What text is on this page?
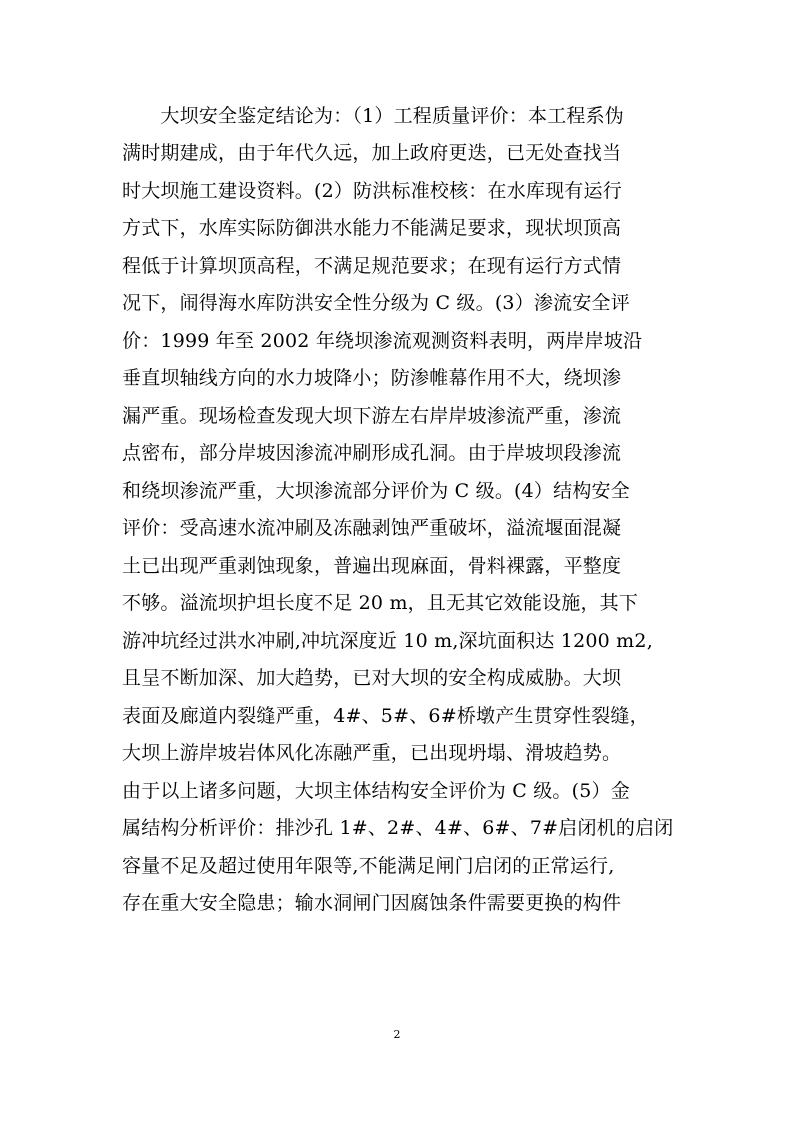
　　大坝安全鉴定结论为：（1）工程质量评价：本工程系伪
满时期建成，由于年代久远，加上政府更迭，已无处查找当
时大坝施工建设资料。(2）防洪标准校核：在水库现有运行
方式下，水库实际防御洪水能力不能满足要求，现状坝顶高
程低于计算坝顶高程，不满足规范要求；在现有运行方式情
况下，闹得海水库防洪安全性分级为 C 级。(3）渗流安全评
价：1999 年至 2002 年绕坝渗流观测资料表明，两岸岸坡沿
垂直坝轴线方向的水力坡降小；防渗帷幕作用不大，绕坝渗
漏严重。现场检查发现大坝下游左右岸岸坡渗流严重，渗流
点密布，部分岸坡因渗流冲刷形成孔洞。由于岸坡坝段渗流
和绕坝渗流严重，大坝渗流部分评价为 C 级。(4）结构安全
评价：受高速水流冲刷及冻融剥蚀严重破坏，溢流堰面混凝
土已出现严重剥蚀现象，普遍出现麻面，骨料裸露，平整度
不够。溢流坝护坦长度不足 20 m，且无其它效能设施，其下
游冲坑经过洪水冲刷,冲坑深度近 10 m,深坑面积达 1200 m2,
且呈不断加深、加大趋势，已对大坝的安全构成威胁。大坝
表面及廊道内裂缝严重，4#、5#、6#桥墩产生贯穿性裂缝，
大坝上游岸坡岩体风化冻融严重，已出现坍塌、滑坡趋势。
由于以上诸多问题，大坝主体结构安全评价为 C 级。(5）金
属结构分析评价：排沙孔 1#、2#、4#、6#、7#启闭机的启闭
容量不足及超过使用年限等,不能满足闸门启闭的正常运行,
存在重大安全隐患；输水洞闸门因腐蚀条件需要更换的构件
2
